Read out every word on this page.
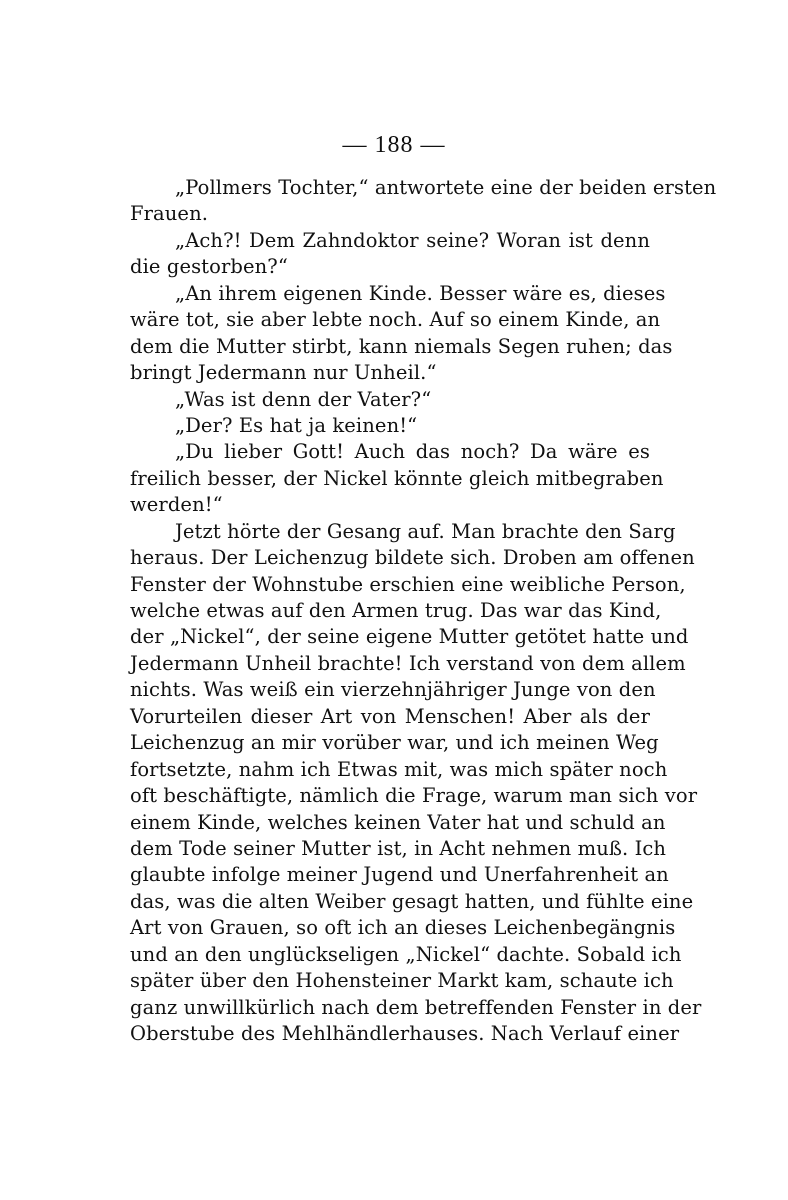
— 188 —
„Pollmers Tochter,“ antwortete eine der beiden ersten
Frauen.
„Ach?! Dem Zahndoktor seine? Woran ist denn
die gestorben?“
„An ihrem eigenen Kinde. Besser wäre es, dieses
wäre tot, sie aber lebte noch. Auf so einem Kinde, an
dem die Mutter stirbt, kann niemals Segen ruhen; das
bringt Jedermann nur Unheil.“
„Was ist denn der Vater?“
„Der? Es hat ja keinen!“
„Du lieber Gott! Auch das noch? Da wäre es
freilich besser, der Nickel könnte gleich mitbegraben
werden!“
Jetzt hörte der Gesang auf. Man brachte den Sarg
heraus. Der Leichenzug bildete sich. Droben am offenen
Fenster der Wohnstube erschien eine weibliche Person,
welche etwas auf den Armen trug. Das war das Kind,
der „Nickel“, der seine eigene Mutter getötet hatte und
Jedermann Unheil brachte! Ich verstand von dem allem
nichts. Was weiß ein vierzehnjähriger Junge von den
Vorurteilen dieser Art von Menschen! Aber als der
Leichenzug an mir vorüber war, und ich meinen Weg
fortsetzte, nahm ich Etwas mit, was mich später noch
oft beschäftigte, nämlich die Frage, warum man sich vor
einem Kinde, welches keinen Vater hat und schuld an
dem Tode seiner Mutter ist, in Acht nehmen muß. Ich
glaubte infolge meiner Jugend und Unerfahrenheit an
das, was die alten Weiber gesagt hatten, und fühlte eine
Art von Grauen, so oft ich an dieses Leichenbegängnis
und an den unglückseligen „Nickel“ dachte. Sobald ich
später über den Hohensteiner Markt kam, schaute ich
ganz unwillkürlich nach dem betreffenden Fenster in der
Oberstube des Mehlhändlerhauses. Nach Verlauf einer
